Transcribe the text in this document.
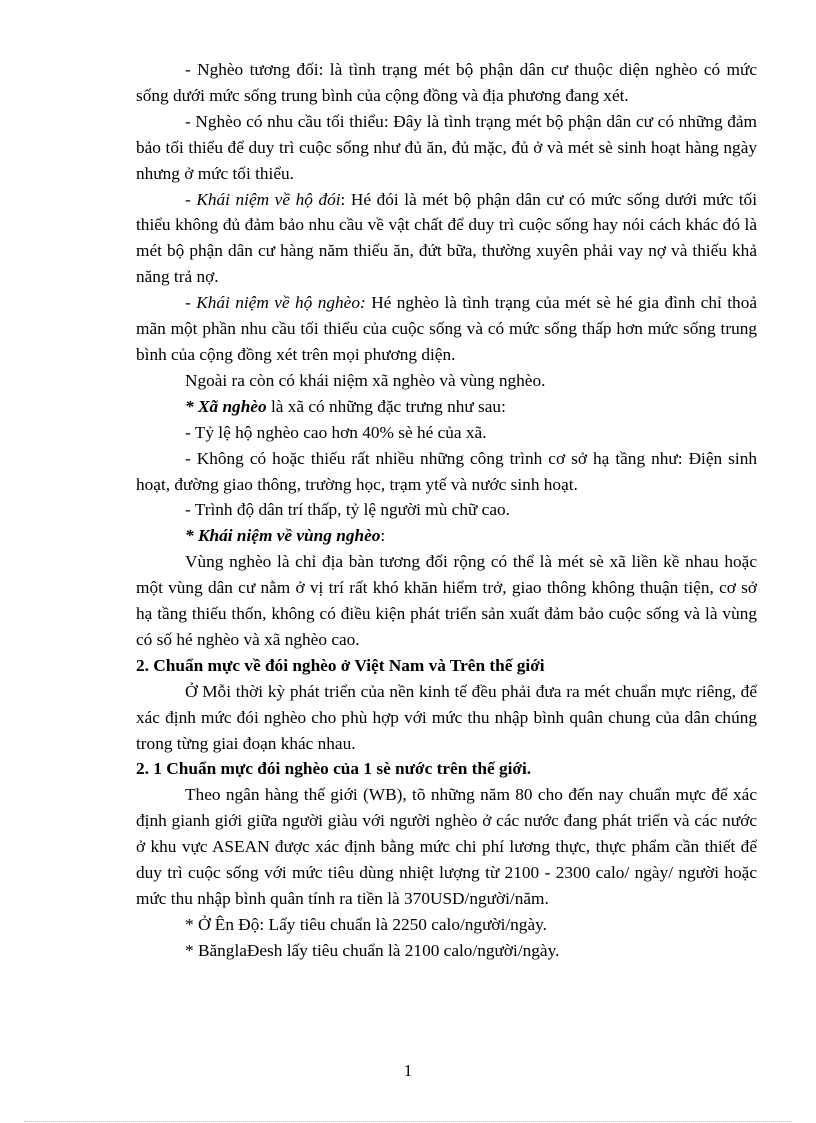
- Nghèo tương đối: là tình trạng mét bộ phận dân cư thuộc diện nghèo có mức sống dưới mức sống trung bình của cộng đồng và địa phương đang xét.

- Nghèo có nhu cầu tối thiểu: Đây là tình trạng mét bộ phận dân cư có những đảm bảo tối thiểu để duy trì cuộc sống như đủ ăn, đủ mặc, đủ ở và mét sè sinh hoạt hàng ngày nhưng ở mức tối thiểu.

- Khái niệm về hộ đói: Hé đói là mét bộ phận dân cư có mức sống dưới mức tối thiểu không đủ đảm bảo nhu cầu về vật chất để duy trì cuộc sống hay nói cách khác đó là mét bộ phận dân cư hàng năm thiếu ăn, đứt bữa, thường xuyên phải vay nợ và thiếu khả năng trả nợ.

- Khái niệm về hộ nghèo: Hé nghèo là tình trạng của mét sè hé gia đình chỉ thoả mãn một phần nhu cầu tối thiểu của cuộc sống và có mức sống thấp hơn mức sống trung bình của cộng đồng xét trên mọi phương diện.

Ngoài ra còn có khái niệm xã nghèo và vùng nghèo.

* Xã nghèo là xã có những đặc trưng như sau:

- Tỷ lệ hộ nghèo cao hơn 40% sè hé của xã.

- Không có hoặc thiếu rất nhiều những công trình cơ sở hạ tầng như: Điện sinh hoạt, đường giao thông, trường học, trạm ytế và nước sinh hoạt.

- Trình độ dân trí thấp, tỷ lệ người mù chữ cao.

* Khái niệm về vùng nghèo:

Vùng nghèo là chỉ địa bàn tương đối rộng có thể là mét sè xã liền kề nhau hoặc một vùng dân cư nằm ở vị trí rất khó khăn hiểm trở, giao thông không thuận tiện, cơ sở hạ tầng thiếu thốn, không có điều kiện phát triển sản xuất đảm bảo cuộc sống và là vùng có số hé nghèo và xã nghèo cao.

2. Chuẩn mực về đói nghèo ở Việt Nam và Trên thế giới

Ở Mỗi thời kỳ phát triển của nền kinh tế đều phải đưa ra mét chuẩn mực riêng, để xác định mức đói nghèo cho phù hợp với mức thu nhập bình quân chung của dân chúng trong từng giai đoạn khác nhau.

2. 1 Chuẩn mực đói nghèo của 1 sè nước trên thế giới.

Theo ngân hàng thế giới (WB), tõ những năm 80 cho đến nay chuẩn mực để xác định gianh giới giữa người giàu với người nghèo ở các nước đang phát triển và các nước ở khu vực ASEAN được xác định bằng mức chi phí lương thực, thực phẩm cần thiết để duy trì cuộc sống với mức tiêu dùng nhiệt lượng từ 2100 - 2300 calo/ ngày/ người hoặc mức thu nhập bình quân tính ra tiền là 370USD/người/năm.

* Ở Ên Độ: Lấy tiêu chuẩn là 2250 calo/người/ngày.

* BănglaĐesh lấy tiêu chuẩn là 2100 calo/người/ngày.

1
